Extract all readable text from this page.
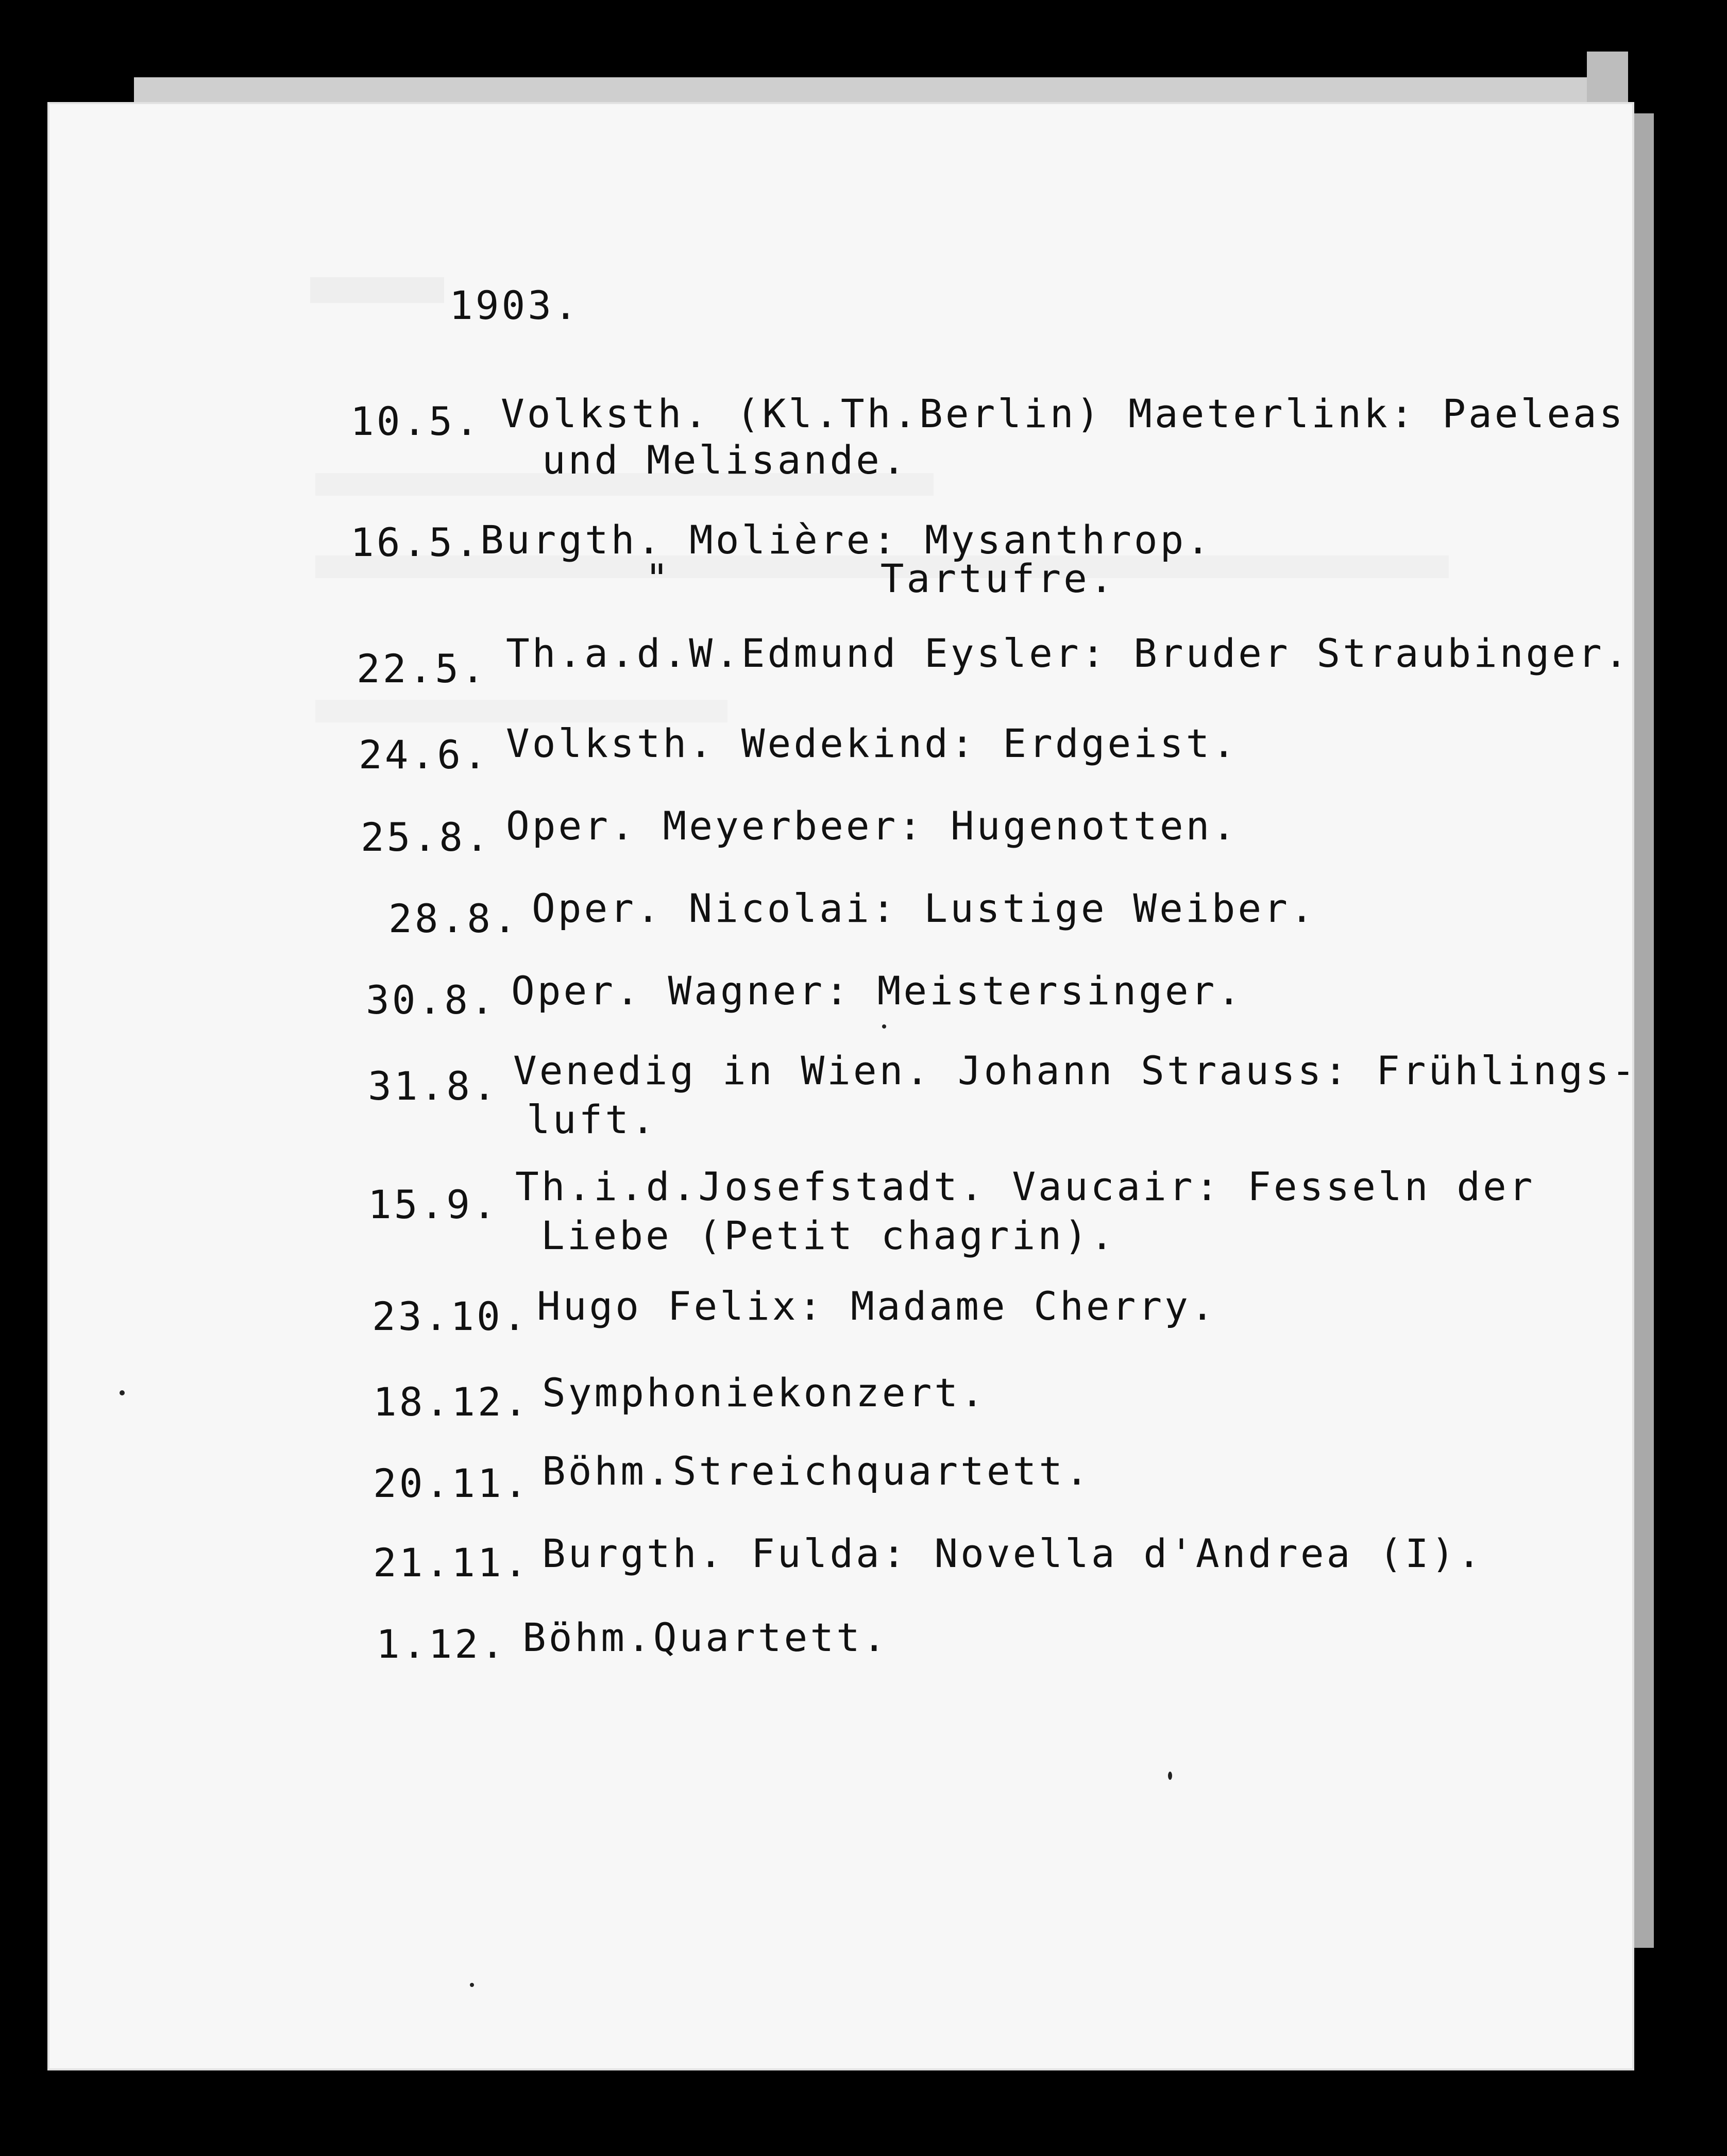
1903.
10.5. Volksth. (Kl.Th.Berlin) Maeterlink: Paeleas
und Melisande.
16.5.
Burgth. Molière: Mysanthrop.
"        Tartufre.
22.5. Th.a.d.W.Edmund Eysler: Bruder Straubinger.
24.6. Volksth. Wedekind: Erdgeist.
25.8. Oper. Meyerbeer: Hugenotten.
28.8. Oper. Nicolai: Lustige Weiber.
30.8. Oper. Wagner: Meistersinger.
31.8. Venedig in Wien. Johann Strauss: Frühlings-
luft.
15.9. Th.i.d.Josefstadt. Vaucair: Fesseln der
Liebe (Petit chagrin).
23.10. Hugo Felix: Madame Cherry.
18.12. Symphoniekonzert.
20.11. Böhm.Streichquartett.
21.11. Burgth. Fulda: Novella d'Andrea (I).
1.12. Böhm.Quartett.
